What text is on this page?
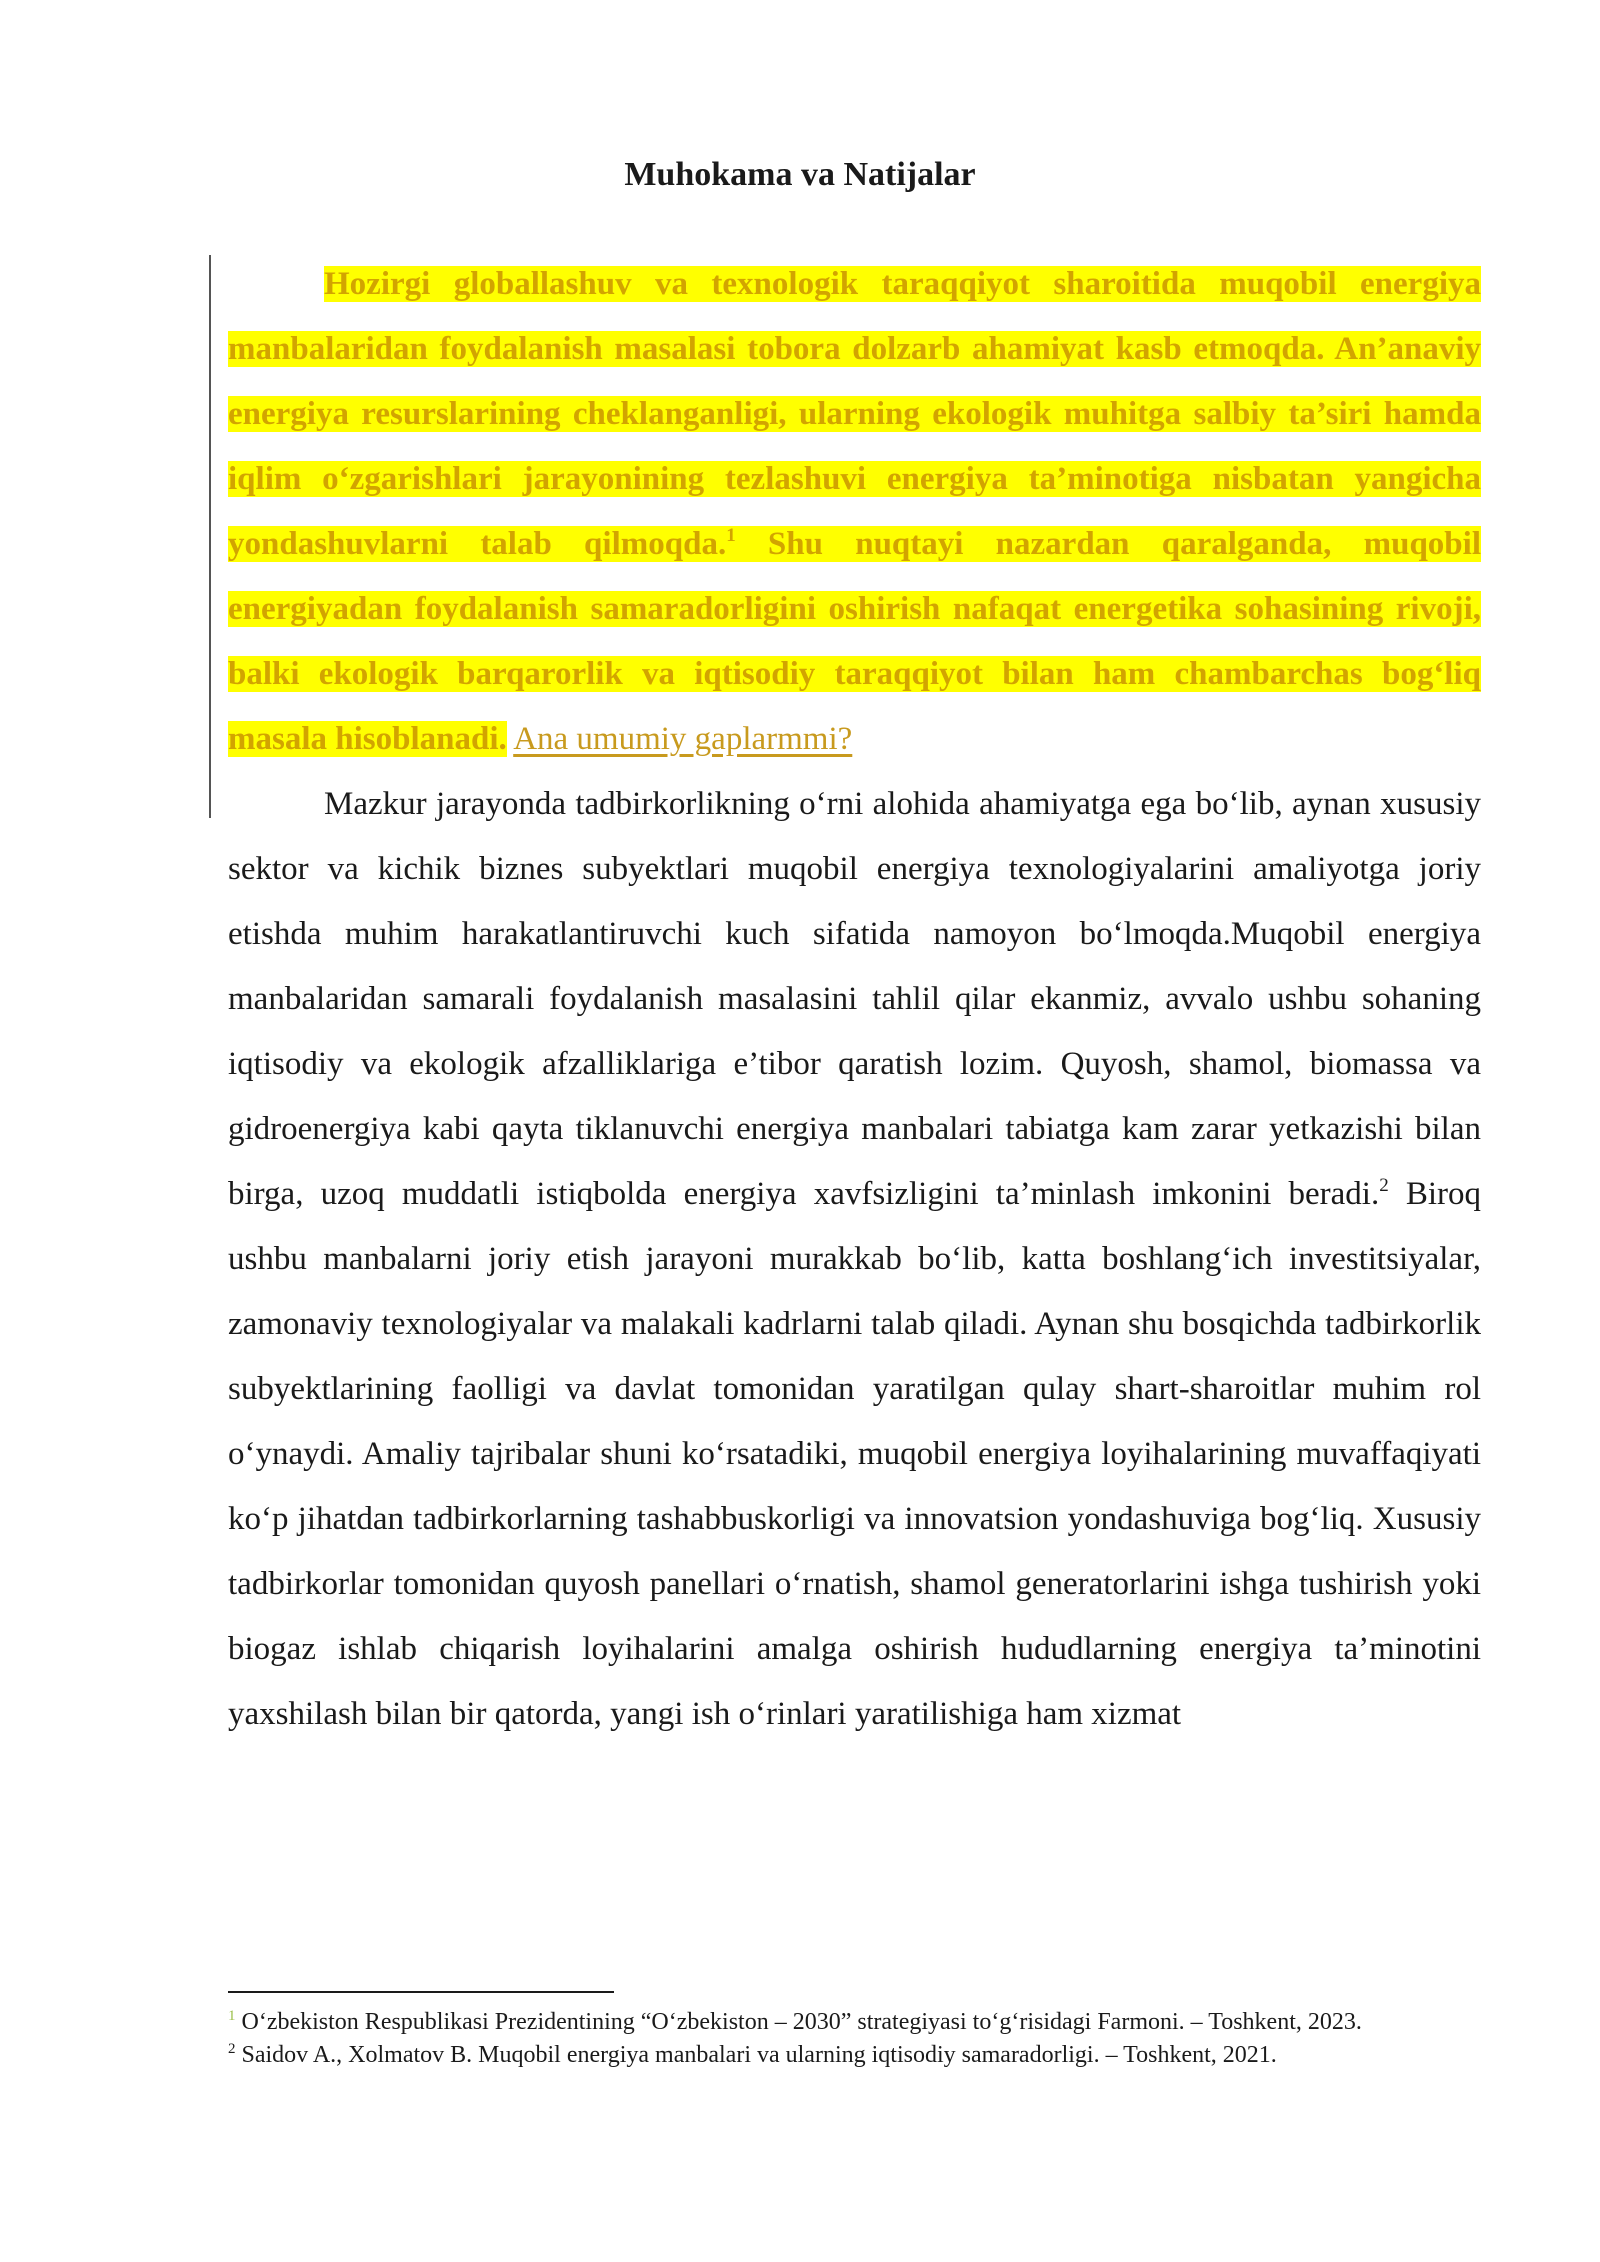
Muhokama va Natijalar

Hozirgi globallashuv va texnologik taraqqiyot sharoitida muqobil energiya manbalaridan foydalanish masalasi tobora dolzarb ahamiyat kasb etmoqda. An’anaviy energiya resurslarining cheklanganligi, ularning ekologik muhitga salbiy ta’siri hamda iqlim o‘zgarishlari jarayonining tezlashuvi energiya ta’minotiga nisbatan yangicha yondashuvlarni talab qilmoqda.$^1$ Shu nuqtayi nazardan qaralganda, muqobil energiyadan foydalanish samaradorligini oshirish nafaqat energetika sohasining rivoji, balki ekologik barqarorlik va iqtisodiy taraqqiyot bilan ham chambarchas bog‘liq masala hisoblanadi. Ana umumiy gaplarmmi?

Mazkur jarayonda tadbirkorlikning o‘rni alohida ahamiyatga ega bo‘lib, aynan xususiy sektor va kichik biznes subyektlari muqobil energiya texnologiyalarini amaliyotga joriy etishda muhim harakatlantiruvchi kuch sifatida namoyon bo‘lmoqda.Muqobil energiya manbalaridan samarali foydalanish masalasini tahlil qilar ekanmiz, avvalo ushbu sohaning iqtisodiy va ekologik afzalliklariga e’tibor qaratish lozim. Quyosh, shamol, biomassa va gidroenergiya kabi qayta tiklanuvchi energiya manbalari tabiatga kam zarar yetkazishi bilan birga, uzoq muddatli istiqbolda energiya xavfsizligini ta’minlash imkonini beradi.$^2$ Biroq ushbu manbalarni joriy etish jarayoni murakkab bo‘lib, katta boshlang‘ich investitsiyalar, zamonaviy texnologiyalar va malakali kadrlarni talab qiladi. Aynan shu bosqichda tadbirkorlik subyektlarining faolligi va davlat tomonidan yaratilgan qulay shart-sharoitlar muhim rol o‘ynaydi. Amaliy tajribalar shuni ko‘rsatadiki, muqobil energiya loyihalarining muvaffaqiyati ko‘p jihatdan tadbirkorlarning tashabbuskorligi va innovatsion yondashuviga bog‘liq. Xususiy tadbirkorlar tomonidan quyosh panellari o‘rnatish, shamol generatorlarini ishga tushirish yoki biogaz ishlab chiqarish loyihalarini amalga oshirish hududlarning energiya ta’minotini yaxshilash bilan bir qatorda, yangi ish o‘rinlari yaratilishiga ham xizmat

$^1$ O‘zbekiston Respublikasi Prezidentining “O‘zbekiston – 2030” strategiyasi to‘g‘risidagi Farmoni. – Toshkent, 2023.

$^2$ Saidov A., Xolmatov B. Muqobil energiya manbalari va ularning iqtisodiy samaradorligi. – Toshkent, 2021.
